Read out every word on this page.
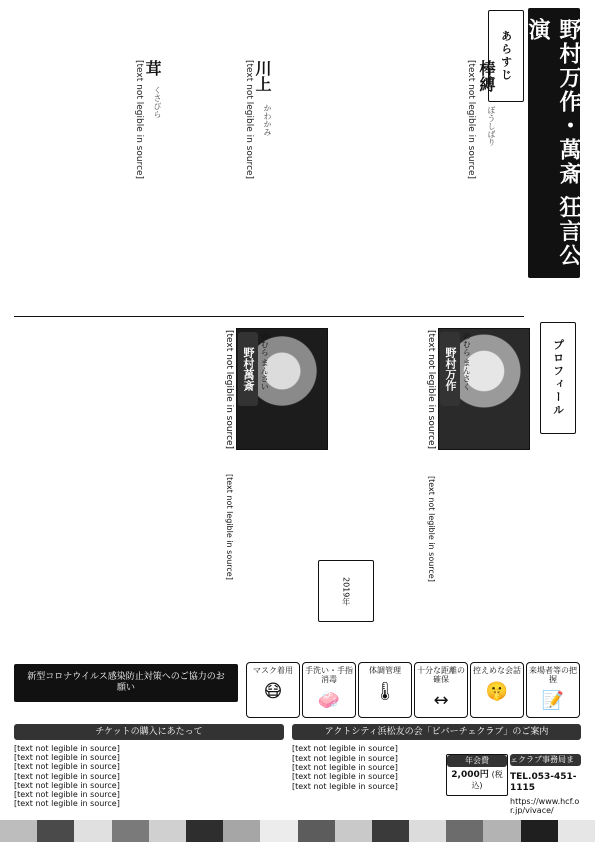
野村万作・萬斎 狂言公演
あらすじ
棒縛
ぼうしばり
[text not legible in source]
川上
かわかみ
[text not legible in source]
茸
くさびら
[text not legible in source]
プロフィール
野村万作 のむら まんさく
[text not legible in source]
[text not legible in source]
野村萬斎 のむら まんさい
[text not legible in source]
[text not legible in source]
2019年
新型コロナウイルス感染防止対策へのご協力のお願い
マスク着用
😷
手洗い・手指消毒
🧼
体調管理
🌡
十分な距離の確保
↔
控えめな会話
🤫
来場者等の把握
📝
チケットの購入にあたって
[text not legible in source]
[text not legible in source]
[text not legible in source]
[text not legible in source]
[text not legible in source]
[text not legible in source]
[text not legible in source]
アクトシティ浜松友の会「ビバーチェクラブ」のご案内
[text not legible in source]
[text not legible in source]
[text not legible in source]
[text not legible in source]
[text not legible in source]
年会費
2,000円 (税込)
詳しくはビバーチェクラブ事務局まで
TEL.053-451-1115
https://www.hcf.or.jp/vivace/
